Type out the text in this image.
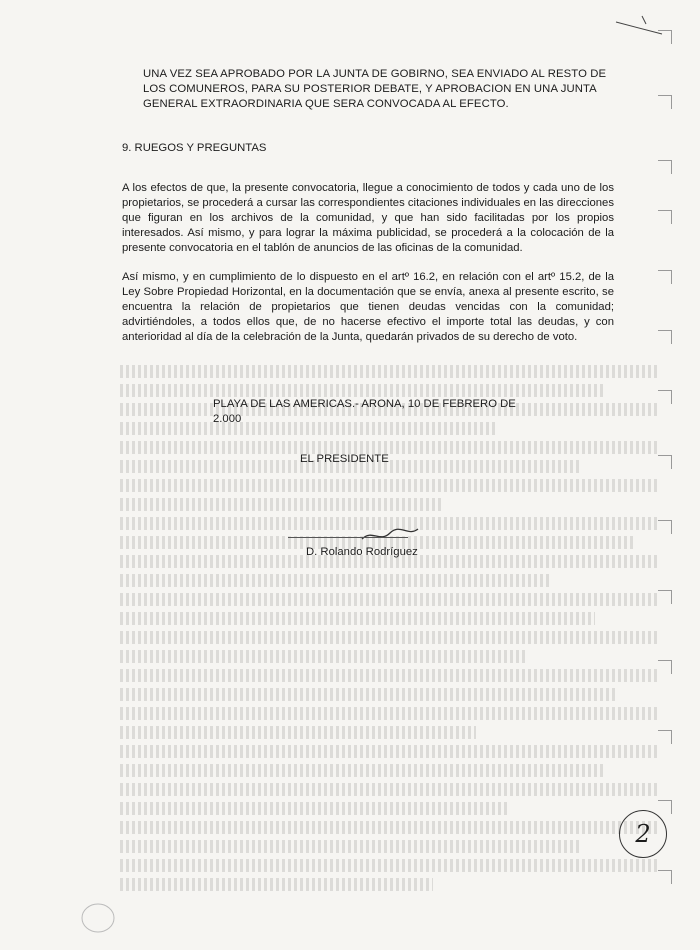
UNA VEZ SEA APROBADO POR LA JUNTA DE GOBIRNO, SEA ENVIADO AL RESTO DE LOS COMUNEROS, PARA SU POSTERIOR DEBATE, Y APROBACION EN UNA JUNTA GENERAL EXTRAORDINARIA QUE SERA CONVOCADA AL EFECTO.
9. RUEGOS Y PREGUNTAS
A los efectos de que, la presente convocatoria, llegue a conocimiento de todos y cada uno de los propietarios, se procederá a cursar las correspondientes citaciones individuales en las direcciones que figuran en los archivos de la comunidad, y que han sido facilitadas por los propios interesados. Así mismo, y para lograr la máxima publicidad, se procederá a la colocación de la presente convocatoria en el tablón de anuncios de las oficinas de la comunidad.
Así mismo, y en cumplimiento de lo dispuesto en el artº 16.2, en relación con el artº 15.2, de la Ley Sobre Propiedad Horizontal, en la documentación que se envía, anexa al presente escrito, se encuentra la relación de propietarios que tienen deudas vencidas con la comunidad; advirtiéndoles, a todos ellos que, de no hacerse efectivo el importe total las deudas, y con anterioridad al día de la celebración de la Junta, quedarán privados de su derecho de voto.
PLAYA DE LAS AMERICAS.- ARONA, 10 DE FEBRERO DE 2.000
EL PRESIDENTE
D. Rolando Rodríguez
2
